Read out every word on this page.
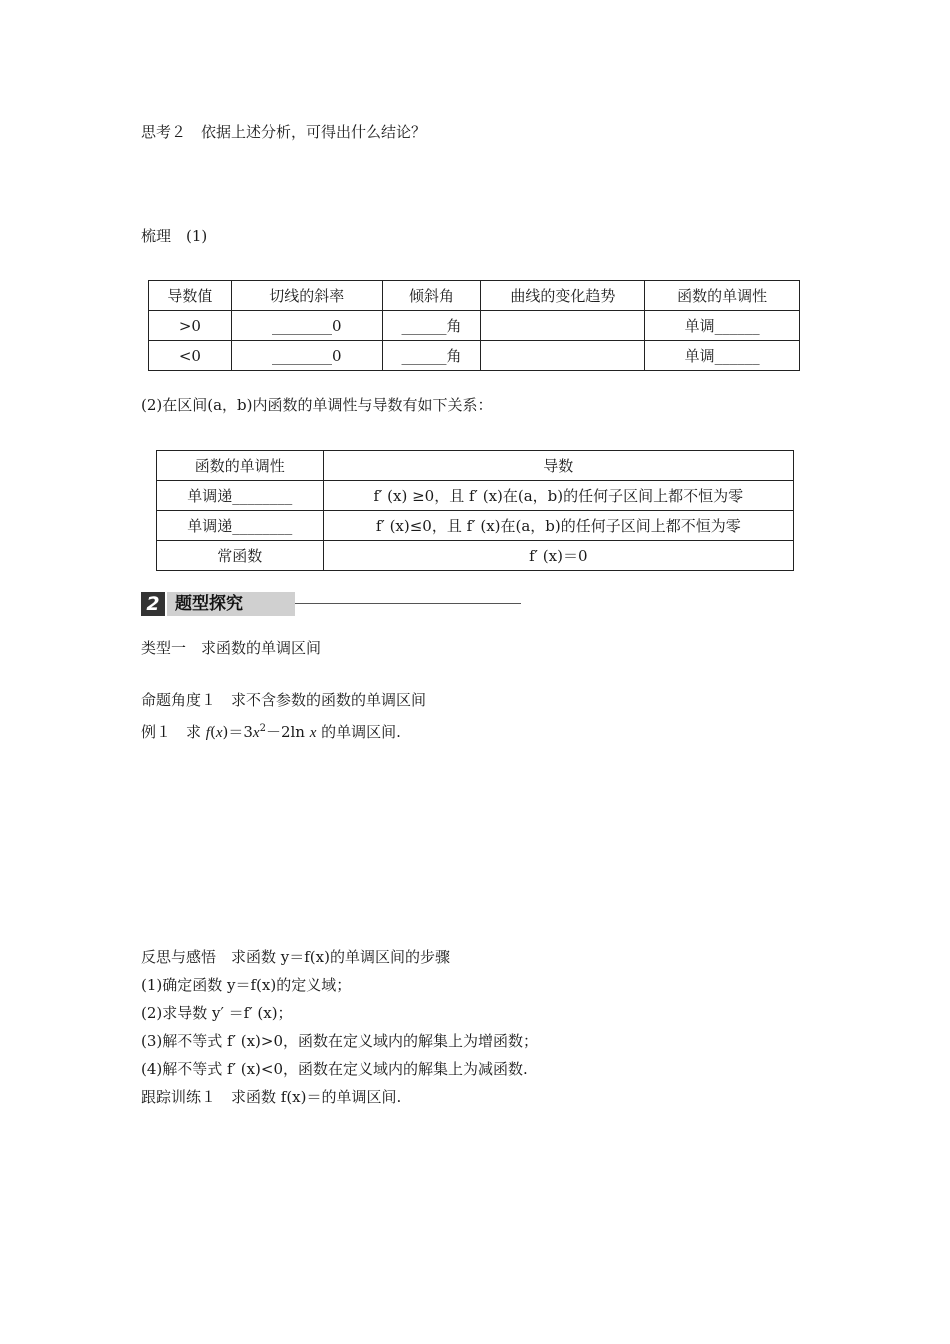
思考２　依据上述分析，可得出什么结论？
梳理　(1)
导数值	切线的斜率	倾斜角	曲线的变化趋势	函数的单调性
>0	________0	______角		单调______
<0	________0	______角		单调______
(2)在区间(a，b)内函数的单调性与导数有如下关系：
函数的单调性	导数
单调递________	f′ (x) ≥0，且 f′ (x)在(a，b)的任何子区间上都不恒为零
单调递________	f′ (x)≤0，且 f′ (x)在(a，b)的任何子区间上都不恒为零
常函数	f′ (x)＝0
2 题型探究
类型一　求函数的单调区间
命题角度１　求不含参数的函数的单调区间
例１　求 $f(x)=3x^2-2\ln$ x 的单调区间.
反思与感悟　求函数 y＝f(x)的单调区间的步骤
(1)确定函数 y＝f(x)的定义域；
(2)求导数 y′ ＝f′ (x)；
(3)解不等式 f′ (x)>0，函数在定义域内的解集上为增函数；
(4)解不等式 f′ (x)<0，函数在定义域内的解集上为减函数.
跟踪训练１　求函数 f(x)＝的单调区间.
